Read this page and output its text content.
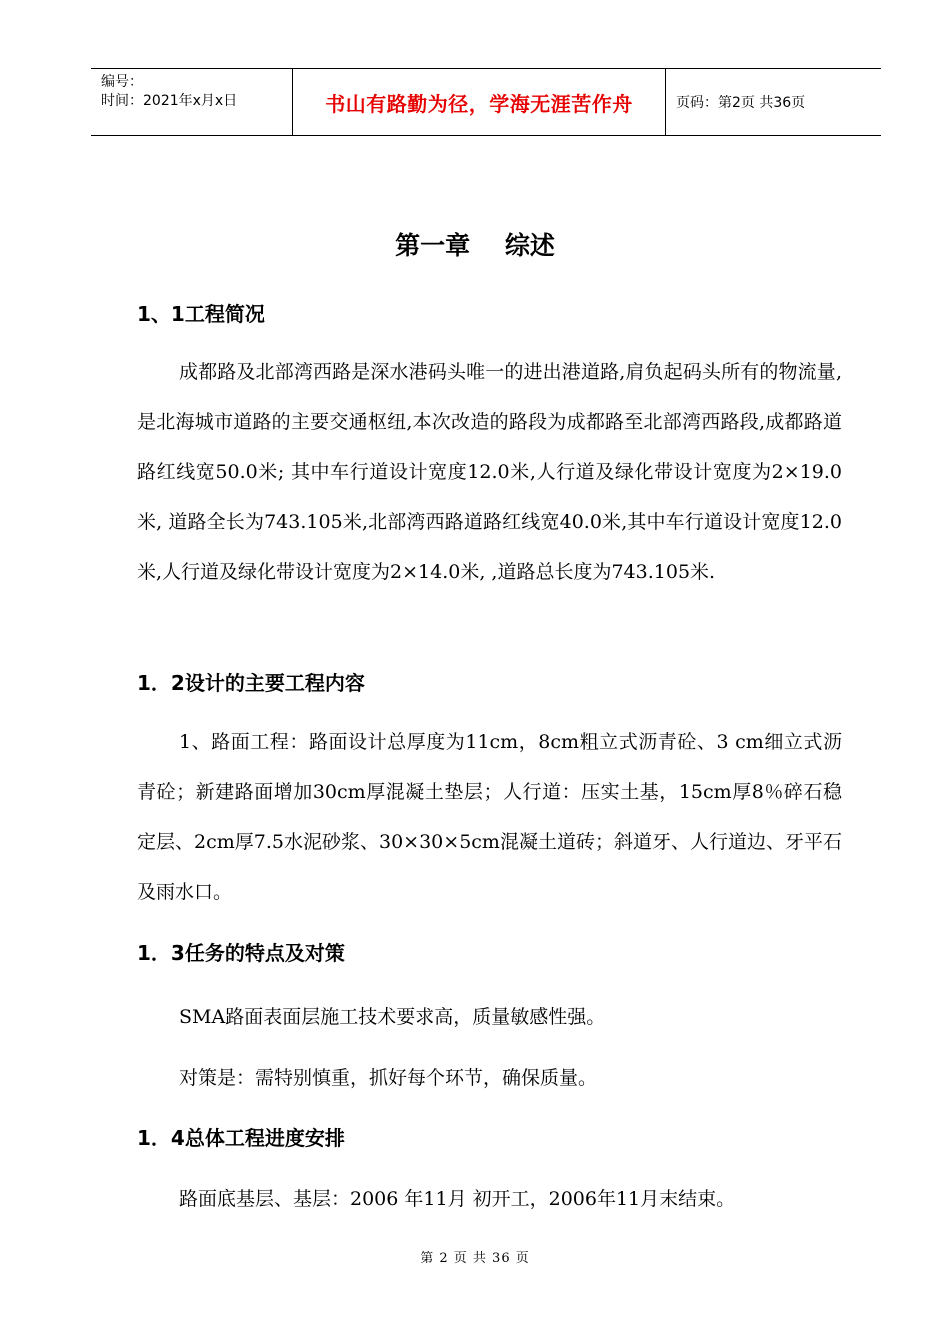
编号：
时间：2021年x月x日	书山有路勤为径，学海无涯苦作舟	页码：第2页 共36页
第一章    综述
1、1工程简况

成都路及北部湾西路是深水港码头唯一的进出港道路,肩负起码头所有的物流量,是北海城市道路的主要交通枢纽,本次改造的路段为成都路至北部湾西路段,成都路道路红线宽50.0米; 其中车行道设计宽度12.0米,人行道及绿化带设计宽度为2×19.0米, 道路全长为743.105米,北部湾西路道路红线宽40.0米,其中车行道设计宽度12.0米,人行道及绿化带设计宽度为2×14.0米, ,道路总长度为743.105米.

1．2设计的主要工程内容

1、路面工程：路面设计总厚度为11cm，8cm粗立式沥青砼、3 cm细立式沥青砼；新建路面增加30cm厚混凝土垫层；人行道：压实土基，15cm厚8％碎石稳定层、2cm厚7.5水泥砂浆、30×30×5cm混凝土道砖；斜道牙、人行道边、牙平石及雨水口。

1．3任务的特点及对策
SMA路面表面层施工技术要求高，质量敏感性强。
对策是：需特别慎重，抓好每个环节，确保质量。
1．4总体工程进度安排
路面底基层、基层：2006 年11月 初开工，2006年11月末结束。
第 2 页 共 36 页
